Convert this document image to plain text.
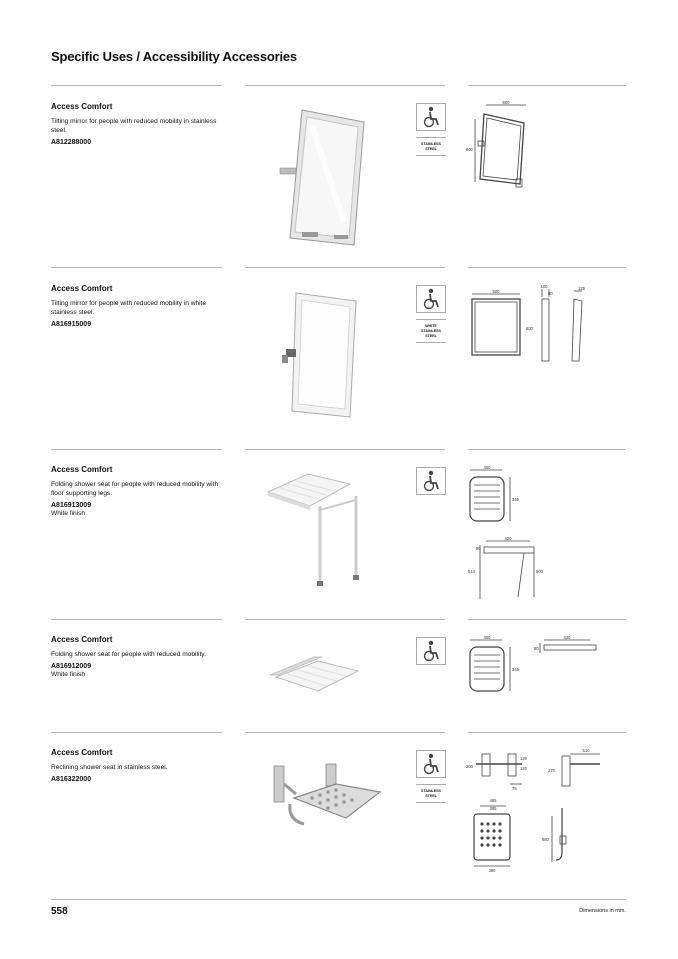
Specific Uses / Accessibility Accessories

Access Comfort

Tilting mirror for people with reduced mobility in stainless steel.

A812288000	STAINLESS STEEL
600
800

Access Comfort

Tilting mirror for people with reduced mobility in white stainless steel.

A816915009	WHITE STAINLESS STEEL
500
100
60
600
125

Access Comfort

Folding shower seat for people with reduced mobility with floor supporting legs.

A816913009

White finish

400
345
420
80
514	500

Access Comfort

Folding shower seat for people with reduced mobility.

A816912009

White finish

400
345
420
80

Access Comfort

Reclining shower seat in stainless steel.

A816322000

STAINLESS STEEL
200
120
120
75
510
270
465
385
680
380
558	Dimensions in mm.
